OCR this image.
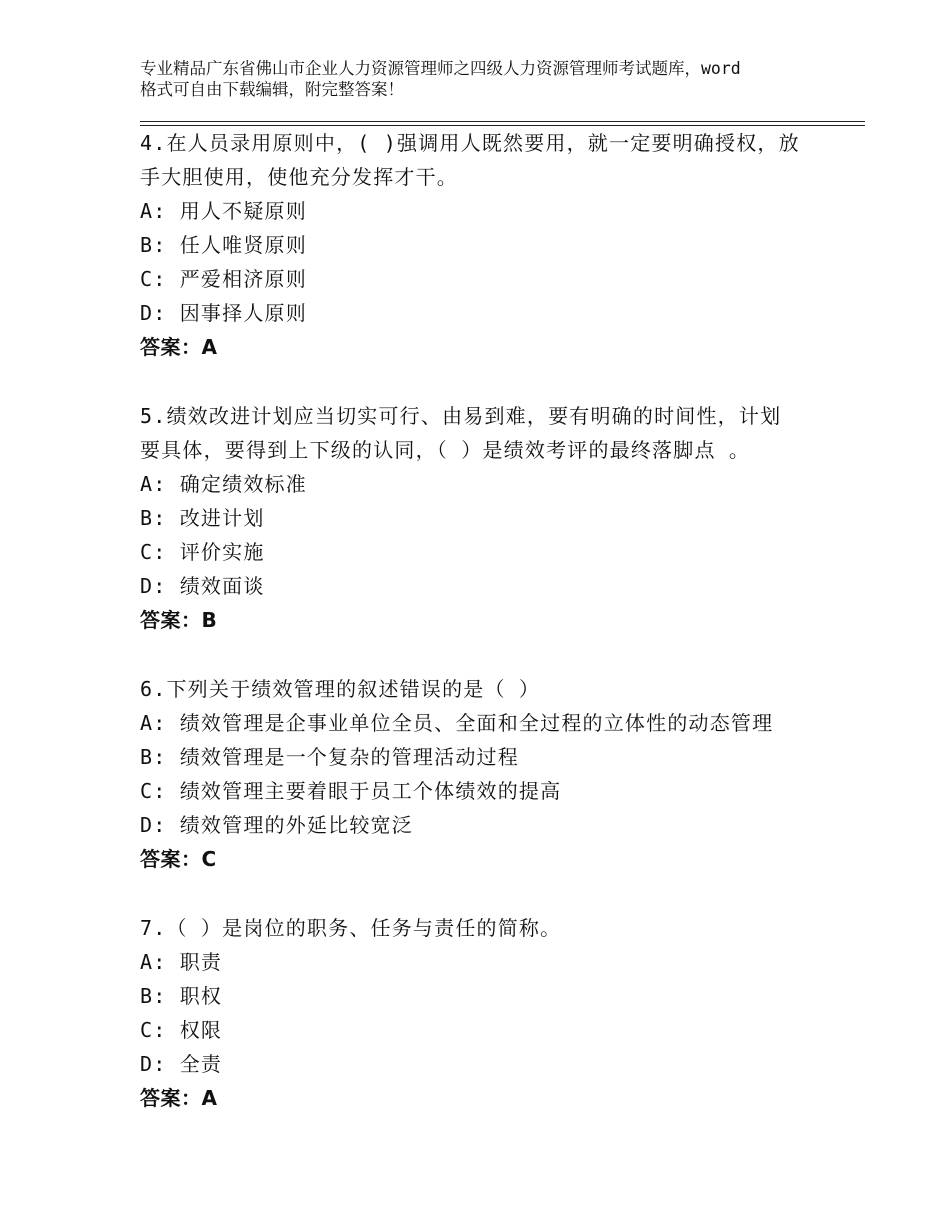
专业精品广东省佛山市企业人力资源管理师之四级人力资源管理师考试题库，word
格式可自由下载编辑，附完整答案！
4.在人员录用原则中，( )强调用人既然要用，就一定要明确授权，放
手大胆使用，使他充分发挥才干。
A: 用人不疑原则
B: 任人唯贤原则
C: 严爱相济原则
D: 因事择人原则
答案：A
5.绩效改进计划应当切实可行、由易到难，要有明确的时间性，计划
要具体，要得到上下级的认同，（ ）是绩效考评的最终落脚点 。
A: 确定绩效标准
B: 改进计划
C: 评价实施
D: 绩效面谈
答案：B
6.下列关于绩效管理的叙述错误的是（ ）
A: 绩效管理是企事业单位全员、全面和全过程的立体性的动态管理
B: 绩效管理是一个复杂的管理活动过程
C: 绩效管理主要着眼于员工个体绩效的提高
D: 绩效管理的外延比较宽泛
答案：C
7.（ ）是岗位的职务、任务与责任的简称。
A: 职责
B: 职权
C: 权限
D: 全责
答案：A
